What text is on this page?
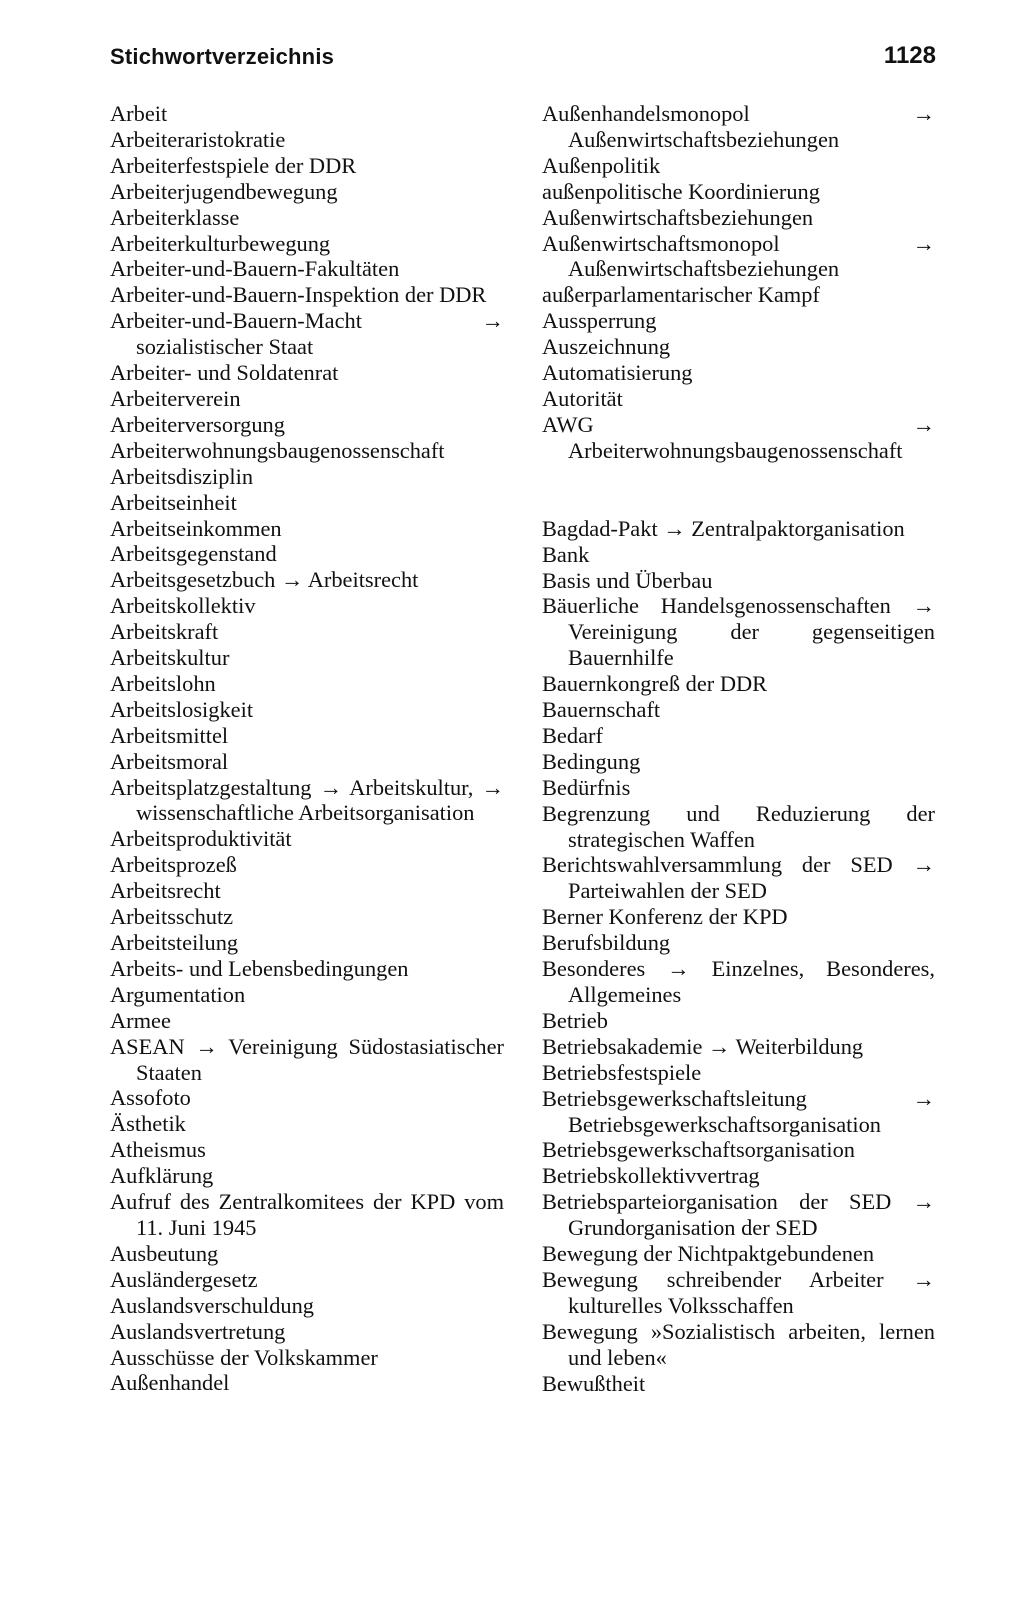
Stichwortverzeichnis	1128
Arbeit
Arbeiteraristokratie
Arbeiterfestspiele der DDR
Arbeiterjugendbewegung
Arbeiterklasse
Arbeiterkulturbewegung
Arbeiter-und-Bauern-Fakultäten
Arbeiter-und-Bauern-Inspektion der DDR
Arbeiter-und-Bauern-Macht → sozialistischer Staat
Arbeiter- und Soldatenrat
Arbeiterverein
Arbeiterversorgung
Arbeiterwohnungsbaugenossenschaft
Arbeitsdisziplin
Arbeitseinheit
Arbeitseinkommen
Arbeitsgegenstand
Arbeitsgesetzbuch → Arbeitsrecht
Arbeitskollektiv
Arbeitskraft
Arbeitskultur
Arbeitslohn
Arbeitslosigkeit
Arbeitsmittel
Arbeitsmoral
Arbeitsplatzgestaltung → Arbeitskultur, → wissenschaftliche Arbeitsorganisation
Arbeitsproduktivität
Arbeitsprozeß
Arbeitsrecht
Arbeitsschutz
Arbeitsteilung
Arbeits- und Lebensbedingungen
Argumentation
Armee
ASEAN → Vereinigung Südostasiatischer Staaten
Assofoto
Ästhetik
Atheismus
Aufklärung
Aufruf des Zentralkomitees der KPD vom 11. Juni 1945
Ausbeutung
Ausländergesetz
Auslandsverschuldung
Auslandsvertretung
Ausschüsse der Volkskammer
Außenhandel
Außenhandelsmonopol → Außenwirtschaftsbeziehungen
Außenpolitik
außenpolitische Koordinierung
Außenwirtschaftsbeziehungen
Außenwirtschaftsmonopol → Außenwirtschaftsbeziehungen
außerparlamentarischer Kampf
Aussperrung
Auszeichnung
Automatisierung
Autorität
AWG → Arbeiterwohnungsbaugenossenschaft
Bagdad-Pakt → Zentralpaktorganisation
Bank
Basis und Überbau
Bäuerliche Handelsgenossenschaften → Vereinigung der gegenseitigen Bauernhilfe
Bauernkongreß der DDR
Bauernschaft
Bedarf
Bedingung
Bedürfnis
Begrenzung und Reduzierung der strategischen Waffen
Berichtswahlversammlung der SED → Parteiwahlen der SED
Berner Konferenz der KPD
Berufsbildung
Besonderes → Einzelnes, Besonderes, Allgemeines
Betrieb
Betriebsakademie → Weiterbildung
Betriebsfestspiele
Betriebsgewerkschaftsleitung → Betriebsgewerkschaftsorganisation
Betriebsgewerkschaftsorganisation
Betriebskollektivvertrag
Betriebsparteiorganisation der SED → Grundorganisation der SED
Bewegung der Nichtpaktgebundenen
Bewegung schreibender Arbeiter → kulturelles Volksschaffen
Bewegung »Sozialistisch arbeiten, lernen und leben«
Bewußtheit
